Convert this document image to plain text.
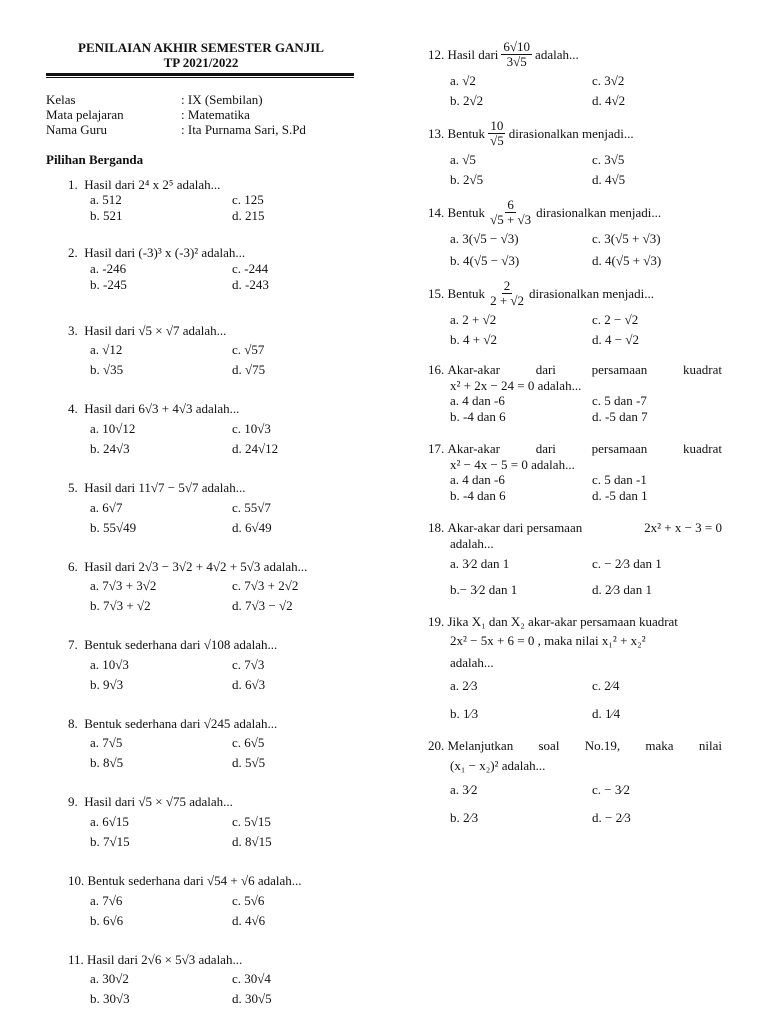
PENILAIAN AKHIR SEMESTER GANJIL
TP 2021/2022
Kelas	: IX (Sembilan)
Mata pelajaran	: Matematika
Nama Guru	: Ita Purnama Sari, S.Pd
Pilihan Berganda
1. Hasil dari 2⁴ x 2⁵ adalah...
a. 512	c. 125
b. 521	d. 215
2. Hasil dari (-3)³ x (-3)² adalah...
a. -246	c. -244
b. -245	d. -243
3. Hasil dari √5 × √7 adalah...
a. √12	c. √57
b. √35	d. √75
4. Hasil dari 6√3 + 4√3 adalah...
a. 10√12	c. 10√3
b. 24√3	d. 24√12
5. Hasil dari 11√7 − 5√7 adalah...
a. 6√7	c. 55√7
b. 55√49	d. 6√49
6. Hasil dari 2√3 − 3√2 + 4√2 + 5√3 adalah...
a. 7√3 + 3√2	c. 7√3 + 2√2
b. 7√3 + √2	d. 7√3 − √2
7. Bentuk sederhana dari √108 adalah...
a. 10√3	c. 7√3
b. 9√3	d. 6√3
8. Bentuk sederhana dari √245 adalah...
a. 7√5	c. 6√5
b. 8√5	d. 5√5
9. Hasil dari √5 × √75 adalah...
a. 6√15	c. 5√15
b. 7√15	d. 8√15
10. Bentuk sederhana dari √54 + √6 adalah...
a. 7√6	c. 5√6
b. 6√6	d. 4√6
11. Hasil dari 2√6 × 5√3 adalah...
a. 30√2	c. 30√4
b. 30√3	d. 30√5
12.
Hasil dari $\frac{6√10}{3√5}$ adalah...
a. √2	c. 3√2
b. 2√2	d. 4√2
13.
Bentuk $\frac{10}{√5}$ dirasionalkan menjadi...
a. √5	c. 3√5
b. 2√5	d. 4√5
14.
Bentuk $\frac{6}{√5 + √3}$ dirasionalkan menjadi...
a. 3(√5 − √3)	c. 3(√5 + √3)
b. 4(√5 − √3)	d. 4(√5 + √3)
15.
Bentuk $\frac{2}{2 + √2}$ dirasionalkan menjadi...
a. 2 + √2	c. 2 − √2
b. 4 + √2	d. 4 − √2
16. Akar-akar	dari	persamaan	kuadrat
x² + 2x − 24 = 0 adalah...
a. 4 dan -6	c. 5 dan -7
b. -4 dan 6	d. -5 dan 7
17. Akar-akar	dari	persamaan	kuadrat
x² − 4x − 5 = 0 adalah...
a. 4 dan -6	c. 5 dan -1
b. -4 dan 6	d. -5 dan 1
18. Akar-akar dari persamaan	2x² + x − 3 = 0
adalah...
a. 3⁄2 dan 1	c. − 2⁄3 dan 1
b.− 3⁄2 dan 1	d. 2⁄3 dan 1
19. Jika X₁ dan X₂ akar-akar persamaan kuadrat
2x² − 5x + 6 = 0 , maka nilai x₁² + x₂²
adalah...
a. 2⁄3	c. 2⁄4
b. 1⁄3	d. 1⁄4
20. Melanjutkan soal No.19, maka nilai
(x₁ − x₂)² adalah...
a. 3⁄2	c. − 3⁄2
b. 2⁄3	d. − 2⁄3
